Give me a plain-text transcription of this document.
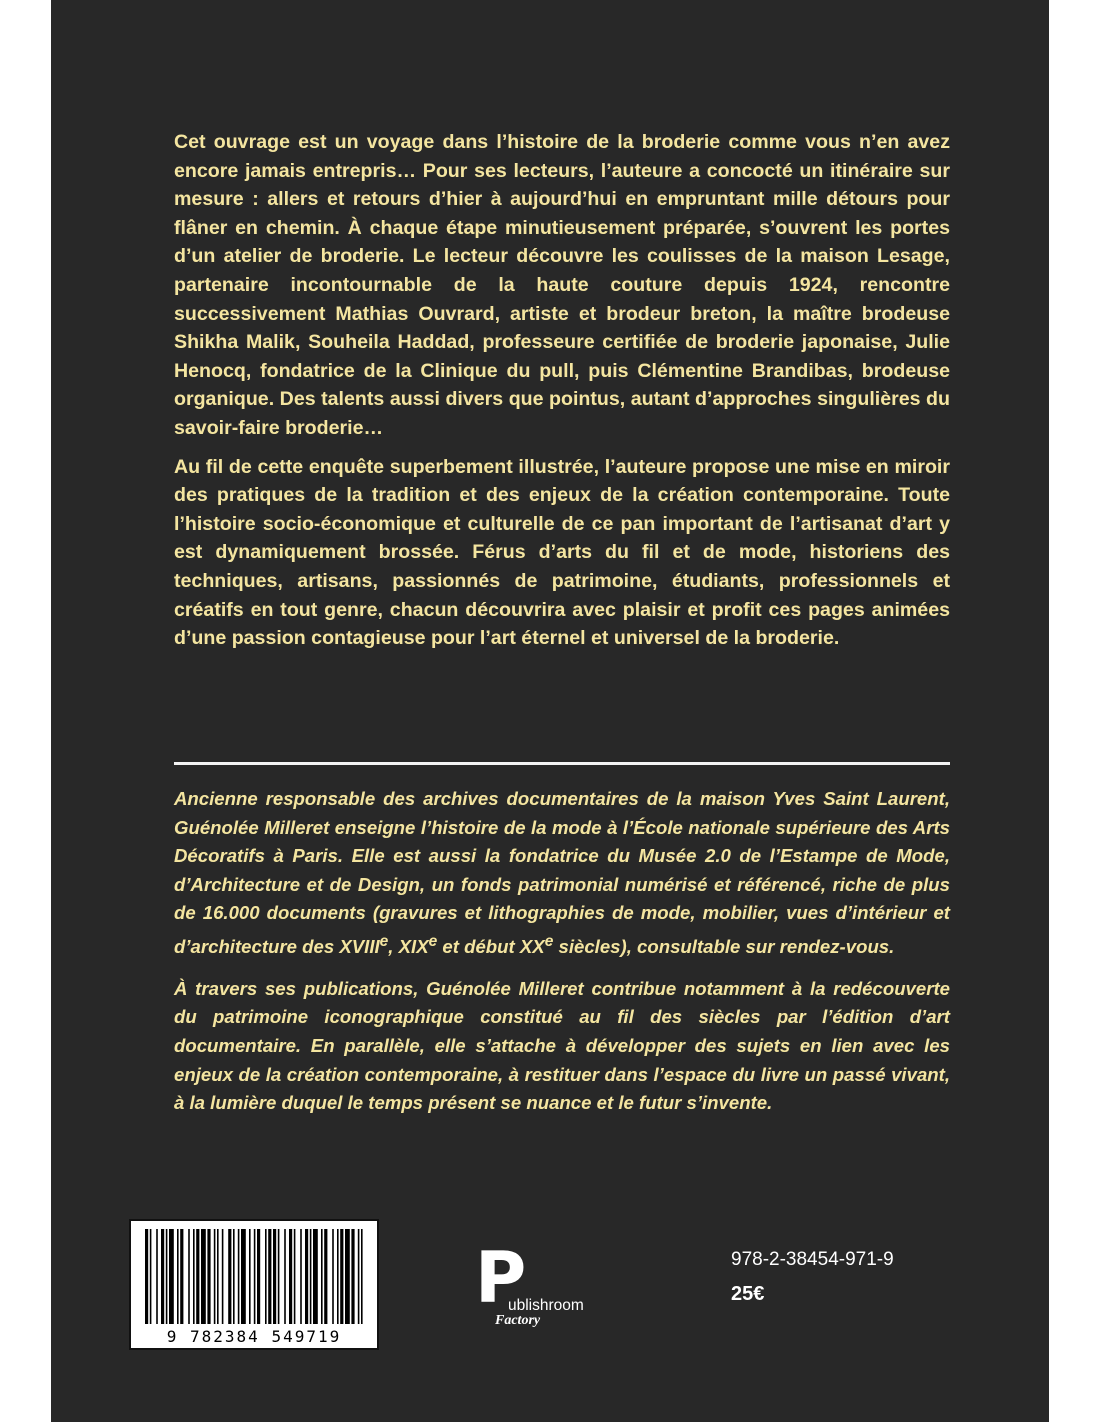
Cet ouvrage est un voyage dans l’histoire de la broderie comme vous n’en avez encore jamais entrepris… Pour ses lecteurs, l’auteure a concocté un itinéraire sur mesure : allers et retours d’hier à aujourd’hui en empruntant mille détours pour flâner en chemin. À chaque étape minutieusement préparée, s’ouvrent les portes d’un atelier de broderie. Le lecteur découvre les coulisses de la maison Lesage, partenaire incontournable de la haute couture depuis 1924, rencontre successivement Mathias Ouvrard, artiste et brodeur breton, la maître brodeuse Shikha Malik, Souheila Haddad, professeure certifiée de broderie japonaise, Julie Henocq, fondatrice de la Clinique du pull, puis Clémentine Brandibas, brodeuse organique. Des talents aussi divers que pointus, autant d’approches singulières du savoir-faire broderie…

Au fil de cette enquête superbement illustrée, l’auteure propose une mise en miroir des pratiques de la tradition et des enjeux de la création contemporaine. Toute l’histoire socio-économique et culturelle de ce pan important de l’artisanat d’art y est dynamiquement brossée. Férus d’arts du fil et de mode, historiens des techniques, artisans, passionnés de patrimoine, étudiants, professionnels et créatifs en tout genre, chacun découvrira avec plaisir et profit ces pages animées d’une passion contagieuse pour l’art éternel et universel de la broderie.

Ancienne responsable des archives documentaires de la maison Yves Saint Laurent, Guénolée Milleret enseigne l’histoire de la mode à l’École nationale supérieure des Arts Décoratifs à Paris. Elle est aussi la fondatrice du Musée 2.0 de l’Estampe de Mode, d’Architecture et de Design, un fonds patrimonial numérisé et référencé, riche de plus de 16.000 documents (gravures et lithographies de mode, mobilier, vues d’intérieur et d’architecture des XVIIIe, XIXe et début XXe siècles), consultable sur rendez-vous.

À travers ses publications, Guénolée Milleret contribue notamment à la redécouverte du patrimoine iconographique constitué au fil des siècles par l’édition d’art documentaire. En parallèle, elle s’attache à développer des sujets en lien avec les enjeux de la création contemporaine, à restituer dans l’espace du livre un passé vivant, à la lumière duquel le temps présent se nuance et le futur s’invente.

9 782384 549719
P
ublishroom
Factory
978-2-38454-971-9
25€
